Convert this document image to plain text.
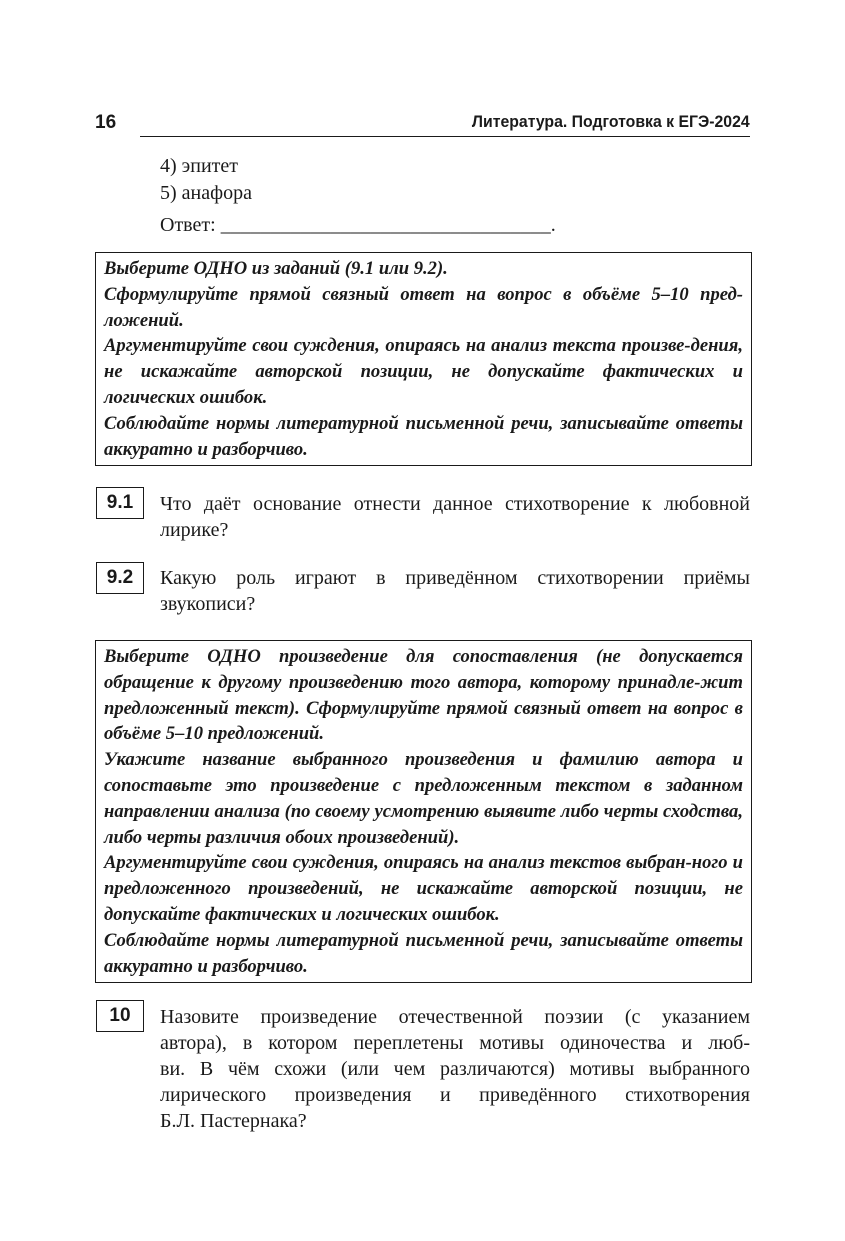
16	Литература. Подготовка к ЕГЭ-2024
4) эпитет
5) анафора
Ответ: _________________________________.

Выберите ОДНО из заданий (9.1 или 9.2).

Сформулируйте прямой связный ответ на вопрос в объёме 5–10 пред-ложений.

Аргументируйте свои суждения, опираясь на анализ текста произве-дения, не искажайте авторской позиции, не допускайте фактических и логических ошибок.

Соблюдайте нормы литературной письменной речи, записывайте ответы аккуратно и разборчиво.

9.1	Что даёт основание отнести данное стихотворение к любовной
лирике?
9.2	Какую роль играют в приведённом стихотворении приёмы
звукописи?

Выберите ОДНО произведение для сопоставления (не допускается обращение к другому произведению того автора, которому принадле-жит предложенный текст). Сформулируйте прямой связный ответ на вопрос в объёме 5–10 предложений.

Укажите название выбранного произведения и фамилию автора и сопоставьте это произведение с предложенным текстом в заданном направлении анализа (по своему усмотрению выявите либо черты сходства, либо черты различия обоих произведений).

Аргументируйте свои суждения, опираясь на анализ текстов выбран-ного и предложенного произведений, не искажайте авторской позиции, не допускайте фактических и логических ошибок.

Соблюдайте нормы литературной письменной речи, записывайте ответы аккуратно и разборчиво.

10	Назовите произведение отечественной поэзии (с указанием
автора), в котором переплетены мотивы одиночества и люб-
ви. В чём схожи (или чем различаются) мотивы выбранного
лирического произведения и приведённого стихотворения
Б.Л. Пастернака?
